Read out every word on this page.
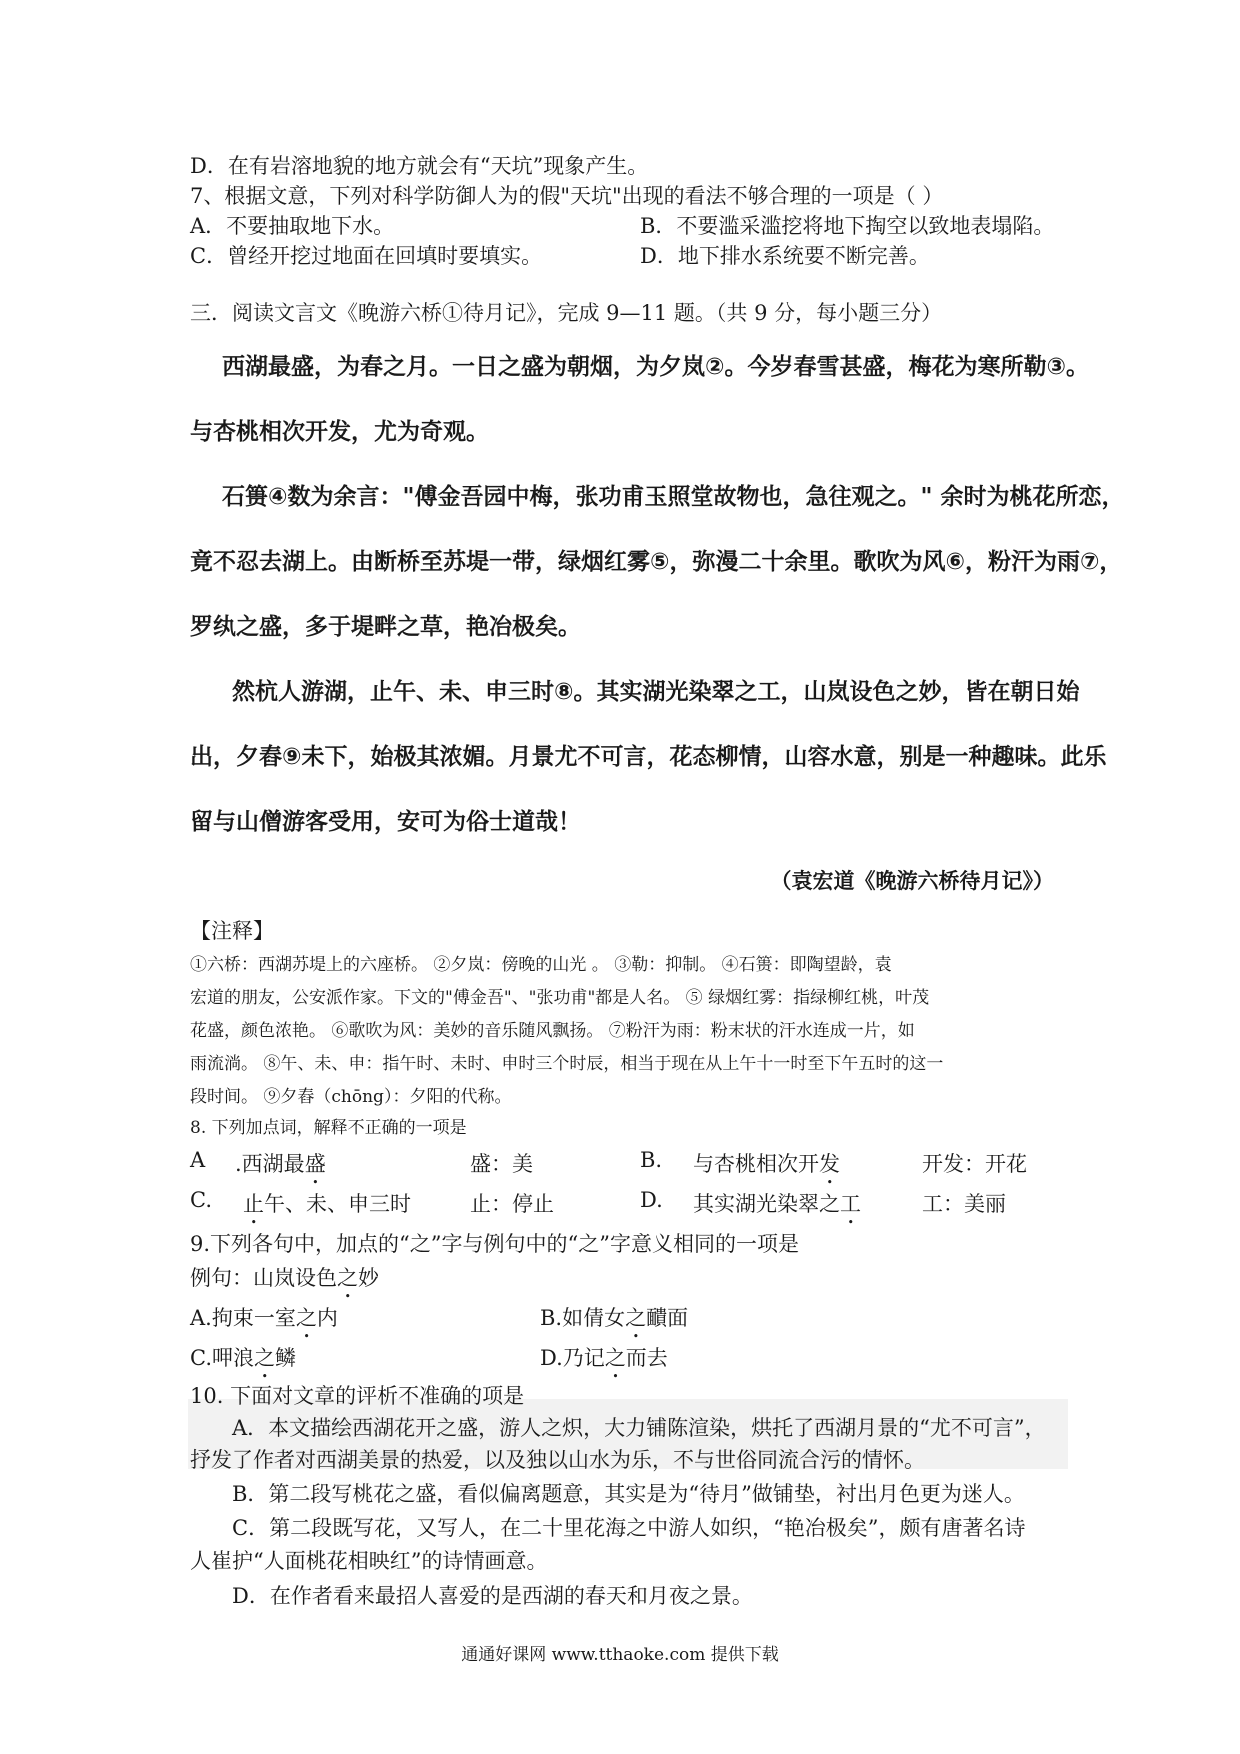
D．在有岩溶地貌的地方就会有“天坑”现象产生。
7、根据文意，下列对科学防御人为的假"天坑"出现的看法不够合理的一项是（ ）
A．不要抽取地下水。	B．不要滥采滥挖将地下掏空以致地表塌陷。
C．曾经开挖过地面在回填时要填实。	D．地下排水系统要不断完善。
三．阅读文言文《晚游六桥①待月记》，完成 9—11 题。（共 9 分，每小题三分）
西湖最盛，为春之月。一日之盛为朝烟，为夕岚②。今岁春雪甚盛，梅花为寒所勒③。
与杏桃相次开发，尤为奇观。
石篑④数为余言："傅金吾园中梅，张功甫玉照堂故物也，急往观之。" 余时为桃花所恋，
竟不忍去湖上。由断桥至苏堤一带，绿烟红雾⑤，弥漫二十余里。歌吹为风⑥，粉汗为雨⑦，
罗纨之盛，多于堤畔之草，艳冶极矣。
然杭人游湖，止午、未、申三时⑧。其实湖光染翠之工，山岚设色之妙，皆在朝日始
出，夕舂⑨未下，始极其浓媚。月景尤不可言，花态柳情，山容水意，别是一种趣味。此乐
留与山僧游客受用，安可为俗士道哉！
（袁宏道《晚游六桥待月记》）
【注释】
①六桥：西湖苏堤上的六座桥。 ②夕岚：傍晚的山光 。 ③勒：抑制。 ④石篑：即陶望龄，袁
宏道的朋友，公安派作家。下文的"傅金吾"、"张功甫"都是人名。 ⑤ 绿烟红雾：指绿柳红桃，叶茂
花盛，颜色浓艳。 ⑥歌吹为风：美妙的音乐随风飘扬。 ⑦粉汗为雨：粉末状的汗水连成一片，如
雨流淌。 ⑧午、未、申：指午时、未时、申时三个时辰，相当于现在从上午十一时至下午五时的这一
段时间。 ⑨夕舂（chōng）：夕阳的代称。
8. 下列加点词，解释不正确的一项是
A .西湖最盛	盛：美	B. 与杏桃相次开发	开发：开花
C. 止午、未、申三时	止：停止	D. 其实湖光染翠之工	工：美丽
9.下列各句中，加点的“之”字与例句中的“之”字意义相同的一项是
例句：山岚设色之妙
A.拘束一室之内	B.如倩女之靧面
C.呷浪之鳞	D.乃记之而去
10. 下面对文章的评析不准确的项是
A．本文描绘西湖花开之盛，游人之炽，大力铺陈渲染，烘托了西湖月景的“尤不可言”，
抒发了作者对西湖美景的热爱，以及独以山水为乐，不与世俗同流合污的情怀。
B．第二段写桃花之盛，看似偏离题意，其实是为“待月”做铺垫，衬出月色更为迷人。
C．第二段既写花，又写人，在二十里花海之中游人如织，“艳冶极矣”，颇有唐著名诗
人崔护“人面桃花相映红”的诗情画意。
D．在作者看来最招人喜爱的是西湖的春天和月夜之景。
通通好课网 www.tthaoke.com 提供下载
